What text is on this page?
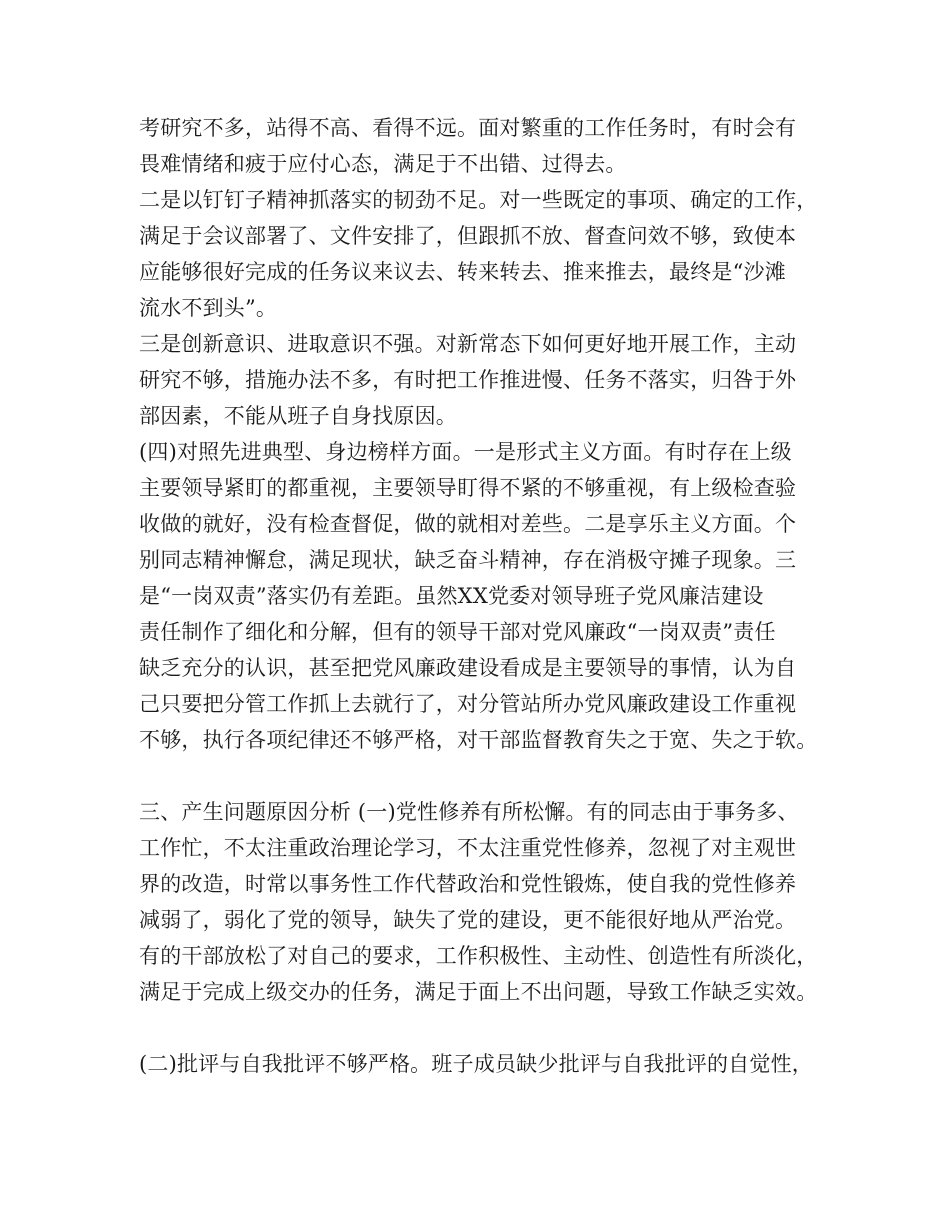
考研究不多，站得不高、看得不远。面对繁重的工作任务时，有时会有
畏难情绪和疲于应付心态，满足于不出错、过得去。
二是以钉钉子精神抓落实的韧劲不足。对一些既定的事项、确定的工作，
满足于会议部署了、文件安排了，但跟抓不放、督查问效不够，致使本
应能够很好完成的任务议来议去、转来转去、推来推去，最终是“沙滩
流水不到头”。
三是创新意识、进取意识不强。对新常态下如何更好地开展工作，主动
研究不够，措施办法不多，有时把工作推进慢、任务不落实，归咎于外
部因素，不能从班子自身找原因。
(四)对照先进典型、身边榜样方面。一是形式主义方面。有时存在上级
主要领导紧盯的都重视，主要领导盯得不紧的不够重视，有上级检查验
收做的就好，没有检查督促，做的就相对差些。二是享乐主义方面。个
别同志精神懈怠，满足现状，缺乏奋斗精神，存在消极守摊子现象。三
是“一岗双责”落实仍有差距。虽然XX党委对领导班子党风廉洁建设
责任制作了细化和分解，但有的领导干部对党风廉政“一岗双责”责任
缺乏充分的认识，甚至把党风廉政建设看成是主要领导的事情，认为自
己只要把分管工作抓上去就行了，对分管站所办党风廉政建设工作重视
不够，执行各项纪律还不够严格，对干部监督教育失之于宽、失之于软。
三、产生问题原因分析 (一)党性修养有所松懈。有的同志由于事务多、
工作忙，不太注重政治理论学习，不太注重党性修养，忽视了对主观世
界的改造，时常以事务性工作代替政治和党性锻炼，使自我的党性修养
减弱了，弱化了党的领导，缺失了党的建设，更不能很好地从严治党。
有的干部放松了对自己的要求，工作积极性、主动性、创造性有所淡化，
满足于完成上级交办的任务，满足于面上不出问题，导致工作缺乏实效。
(二)批评与自我批评不够严格。班子成员缺少批评与自我批评的自觉性，
